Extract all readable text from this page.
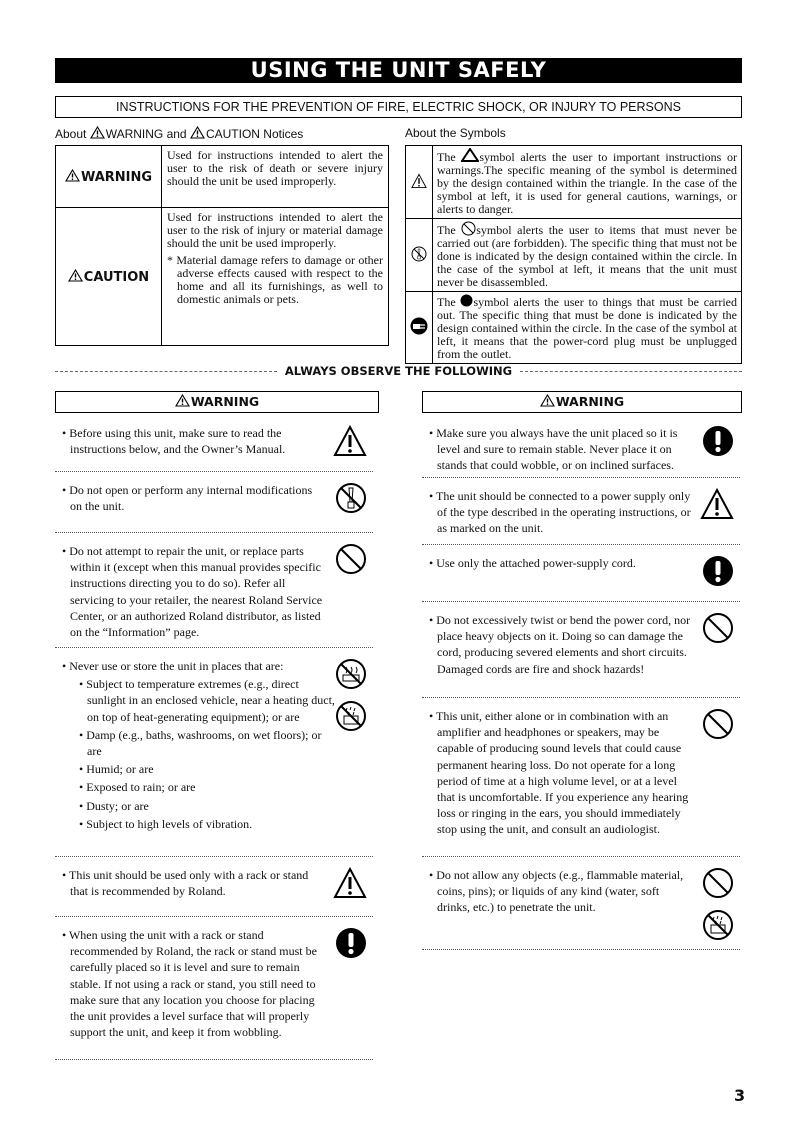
USING THE UNIT SAFELY
INSTRUCTIONS FOR THE PREVENTION OF FIRE, ELECTRIC SHOCK, OR INJURY TO PERSONS
About WARNING and CAUTION Notices
WARNING	Used for instructions intended to alert the user to the risk of death or severe injury should the unit be used improperly.
CAUTION	Used for instructions intended to alert the user to the risk of injury or material damage should the unit be used improperly.
* Material damage refers to damage or other adverse effects caused with respect to the home and all its furnishings, as well to domestic animals or pets.
About the Symbols
	The symbol alerts the user to important instructions or warnings.The specific meaning of the symbol is determined by the design contained within the triangle. In the case of the symbol at left, it is used for general cautions, warnings, or alerts to danger.
	The symbol alerts the user to items that must never be carried out (are forbidden). The specific thing that must not be done is indicated by the design contained within the circle. In the case of the symbol at left, it means that the unit must never be disassembled.
	The symbol alerts the user to things that must be carried out. The specific thing that must be done is indicated by the design contained within the circle. In the case of the symbol at left, it means that the power-cord plug must be unplugged from the outlet.
ALWAYS OBSERVE THE FOLLOWING
WARNING	WARNING
• Before using this unit, make sure to read the instructions below, and the Owner’s Manual.
• Do not open or perform any internal modifications on the unit.
• Do not attempt to repair the unit, or replace parts within it (except when this manual provides specific instructions directing you to do so). Refer all servicing to your retailer, the nearest Roland Service Center, or an authorized Roland distributor, as listed on the “Information” page.
• Never use or store the unit in places that are:
• Subject to temperature extremes (e.g., direct sunlight in an enclosed vehicle, near a heating duct, on top of heat-generating equipment); or are
• Damp (e.g., baths, washrooms, on wet floors); or are
• Humid; or are
• Exposed to rain; or are
• Dusty; or are
• Subject to high levels of vibration.
• This unit should be used only with a rack or stand that is recommended by Roland.
• When using the unit with a rack or stand recommended by Roland, the rack or stand must be carefully placed so it is level and sure to remain stable. If not using a rack or stand, you still need to make sure that any location you choose for placing the unit provides a level surface that will properly support the unit, and keep it from wobbling.
• Make sure you always have the unit placed so it is level and sure to remain stable. Never place it on stands that could wobble, or on inclined surfaces.
• The unit should be connected to a power supply only of the type described in the operating instructions, or as marked on the unit.
• Use only the attached power-supply cord.
• Do not excessively twist or bend the power cord, nor place heavy objects on it. Doing so can damage the cord, producing severed elements and short circuits. Damaged cords are fire and shock hazards!
• This unit, either alone or in combination with an amplifier and headphones or speakers, may be capable of producing sound levels that could cause permanent hearing loss. Do not operate for a long period of time at a high volume level, or at a level that is uncomfortable. If you experience any hearing loss or ringing in the ears, you should immediately stop using the unit, and consult an audiologist.
• Do not allow any objects (e.g., flammable material, coins, pins); or liquids of any kind (water, soft drinks, etc.) to penetrate the unit.
3
